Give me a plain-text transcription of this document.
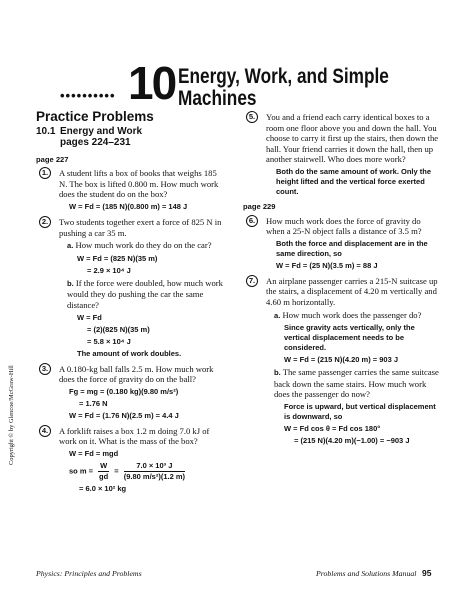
•••••••••• 10 Energy, Work, and Simple
Machines
Practice Problems
10.1 Energy and Work
pages 224–231
page 227
1.	A student lifts a box of books that weighs 185 N. The box is lifted 0.800 m. How much work does the student do on the box?
W = Fd = (185 N)(0.800 m) = 148 J
2.	Two students together exert a force of 825 N in pushing a car 35 m.
a. How much work do they do on the car?
W = Fd = (825 N)(35 m)
= 2.9 × 10⁴ J
b. If the force were doubled, how much work would they do pushing the car the same distance?
W = Fd
= (2)(825 N)(35 m)
= 5.8 × 10⁴ J
The amount of work doubles.
3.	A 0.180-kg ball falls 2.5 m. How much work does the force of gravity do on the ball?
Fg = mg = (0.180 kg)(9.80 m/s²)
= 1.76 N
W = Fd = (1.76 N)(2.5 m) = 4.4 J
4.	A forklift raises a box 1.2 m doing 7.0 kJ of work on it. What is the mass of the box?
W = Fd = mgd
so $m = \frac{W}{gd} = \frac{\text{7.0 × 10³ J}}{\text{(9.80 m/s²)(1.2 m)}}$
= 6.0 × 10² kg
5.	You and a friend each carry identical boxes to a room one floor above you and down the hall. You choose to carry it first up the stairs, then down the hall. Your friend carries it down the hall, then up another stairwell. Who does more work?
Both do the same amount of work. Only the height lifted and the vertical force exerted count.
page 229
6.	How much work does the force of gravity do when a 25-N object falls a distance of 3.5 m?
Both the force and displacement are in the same direction, so
W = Fd = (25 N)(3.5 m) = 88 J
7.	An airplane passenger carries a 215-N suitcase up the stairs, a displacement of 4.20 m vertically and 4.60 m horizontally.
a. How much work does the passenger do?
Since gravity acts vertically, only the vertical displacement needs to be considered.
W = Fd = (215 N)(4.20 m) = 903 J
b. The same passenger carries the same suitcase back down the same stairs. How much work does the passenger do now?
Force is upward, but vertical displacement is downward, so
W = Fd cos θ = Fd cos 180°
= (215 N)(4.20 m)(−1.00) = −903 J
Copyright © by Glencoe/McGraw-Hill
Physics: Principles and Problems	Problems and Solutions Manual 95
